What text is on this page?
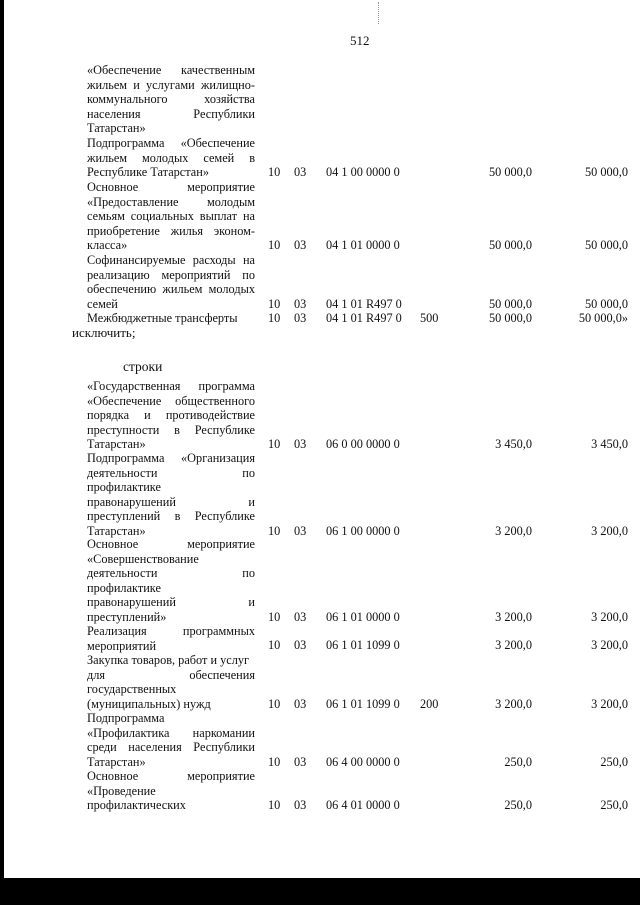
512
«Обеспечение качественным
жильем и услугами жилищно-
коммунального хозяйства
населения Республики
Татарстан»
Подпрограмма «Обеспечение
жильем молодых семей в
Республике Татарстан»	10 03 04 1 00 0000 0	50 000,0	50 000,0
Основное мероприятие
«Предоставление молодым
семьям социальных выплат на
приобретение жилья эконом-
класса»	10 03 04 1 01 0000 0	50 000,0	50 000,0
Софинансируемые расходы на
реализацию мероприятий по
обеспечению жильем молодых
семей	10 03 04 1 01 R497 0	50 000,0	50 000,0
Межбюджетные трансферты	10 03 04 1 01 R497 0 500	50 000,0	50 000,0»
исключить;
строки
«Государственная программа
«Обеспечение общественного
порядка и противодействие
преступности в Республике
Татарстан»	10 03 06 0 00 0000 0	3 450,0	3 450,0
Подпрограмма «Организация
деятельности по
профилактике
правонарушений и
преступлений в Республике
Татарстан»	10 03 06 1 00 0000 0	3 200,0	3 200,0
Основное мероприятие
«Совершенствование
деятельности по
профилактике
правонарушений и
преступлений»	10 03 06 1 01 0000 0	3 200,0	3 200,0
Реализация программных
мероприятий	10 03 06 1 01 1099 0	3 200,0	3 200,0
Закупка товаров, работ и услуг
для обеспечения
государственных
(муниципальных) нужд	10 03 06 1 01 1099 0 200	3 200,0	3 200,0
Подпрограмма
«Профилактика наркомании
среди населения Республики
Татарстан»	10 03 06 4 00 0000 0	250,0	250,0
Основное мероприятие
«Проведение
профилактических	10 03 06 4 01 0000 0	250,0	250,0
